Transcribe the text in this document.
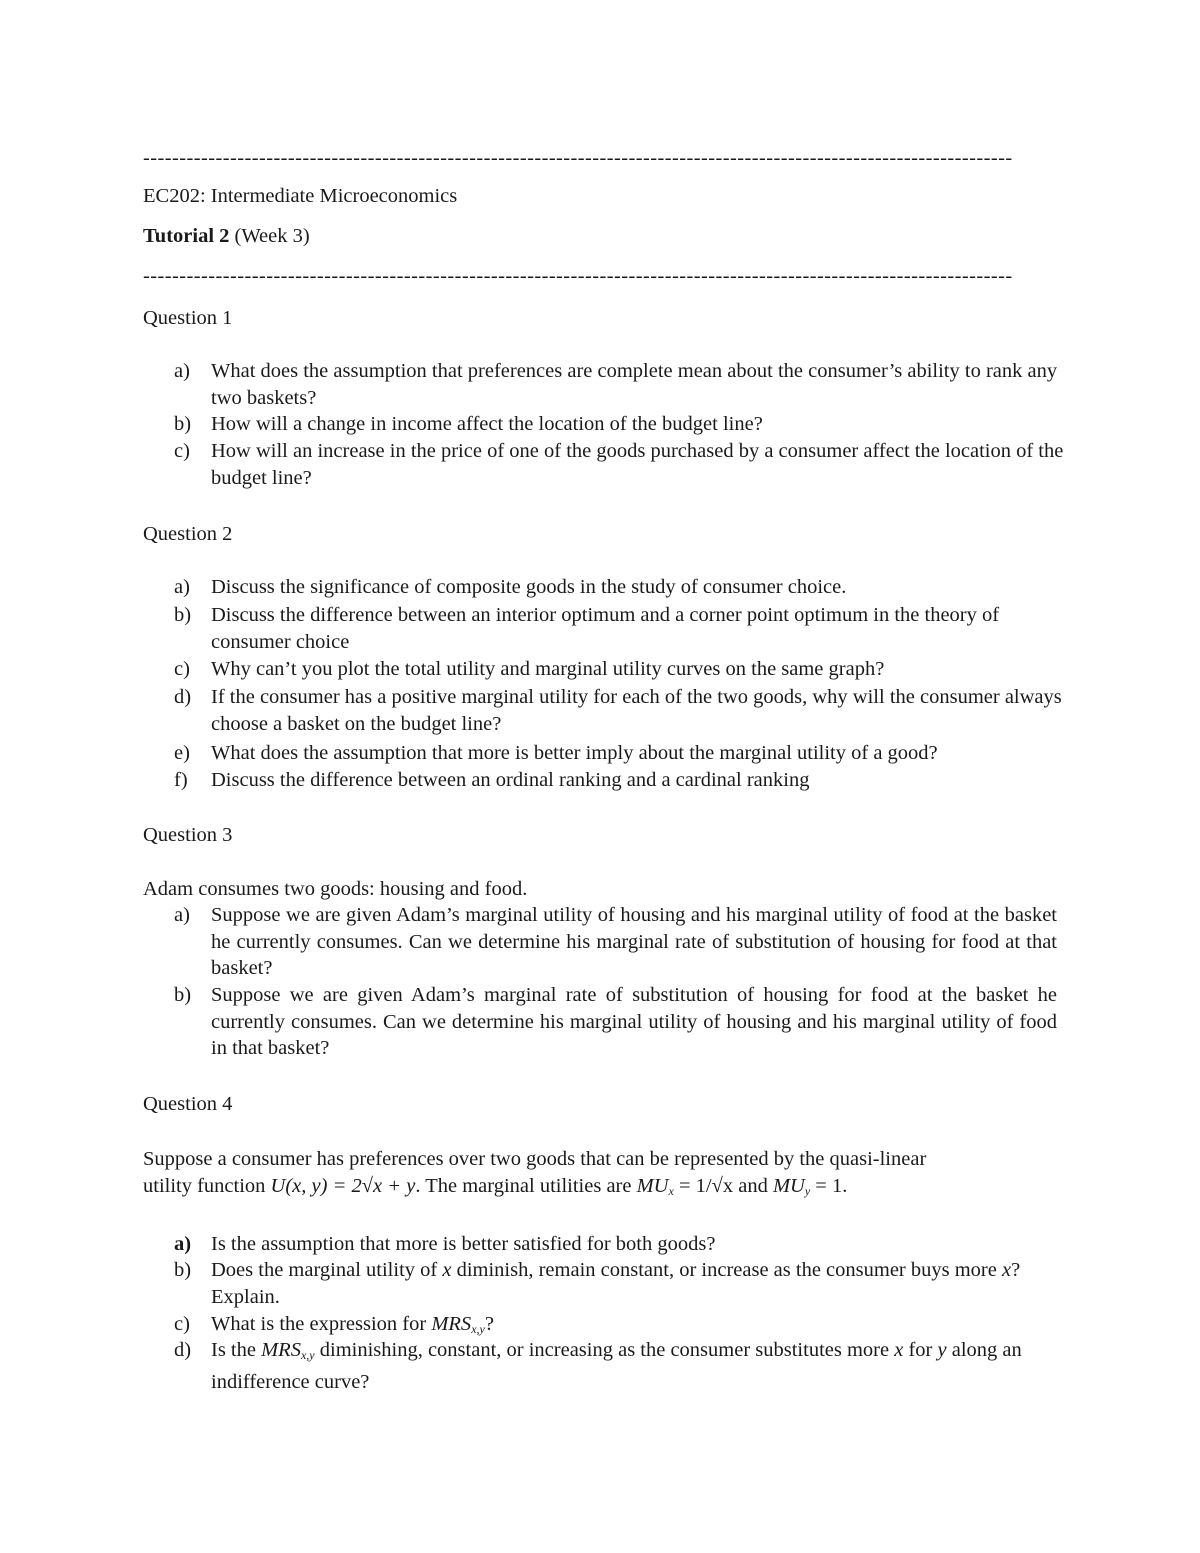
------------------------------------------------------------------------------------------------------------------------
EC202: Intermediate Microeconomics
Tutorial 2 (Week 3)
------------------------------------------------------------------------------------------------------------------------
Question 1
a)	What does the assumption that preferences are complete mean about the consumer’s ability to rank any two baskets?
b) How will a change in income affect the location of the budget line?
c)	How will an increase in the price of one of the goods purchased by a consumer affect the location of the budget line?
Question 2
a)	Discuss the significance of composite goods in the study of consumer choice.
b) Discuss the difference between an interior optimum and a corner point optimum in the theory of consumer choice
c)	Why can’t you plot the total utility and marginal utility curves on the same graph?
d) If the consumer has a positive marginal utility for each of the two goods, why will the consumer always choose a basket on the budget line?
e)	What does the assumption that more is better imply about the marginal utility of a good?
f)	Discuss the difference between an ordinal ranking and a cardinal ranking
Question 3
Adam consumes two goods: housing and food.
a)	Suppose we are given Adam’s marginal utility of housing and his marginal utility of food at the basket he currently consumes. Can we determine his marginal rate of substitution of housing for food at that basket?
b) Suppose we are given Adam’s marginal rate of substitution of housing for food at the basket he currently consumes. Can we determine his marginal utility of housing and his marginal utility of food in that basket?
Question 4
Suppose a consumer has preferences over two goods that can be represented by the quasi-linear
utility function U(x, y) = 2√x + y. The marginal utilities are $MU_x = 1/√x$ and $MU_y = 1$.
a) Is the assumption that more is better satisfied for both goods?
b) Does the marginal utility of x diminish, remain constant, or increase as the consumer buys more x? Explain.
c)	What is the expression for $MRS_{x,y}$?
d) Is the $MRS_{x,y}$ diminishing, constant, or increasing as the consumer substitutes more x for y along an indifference curve?
